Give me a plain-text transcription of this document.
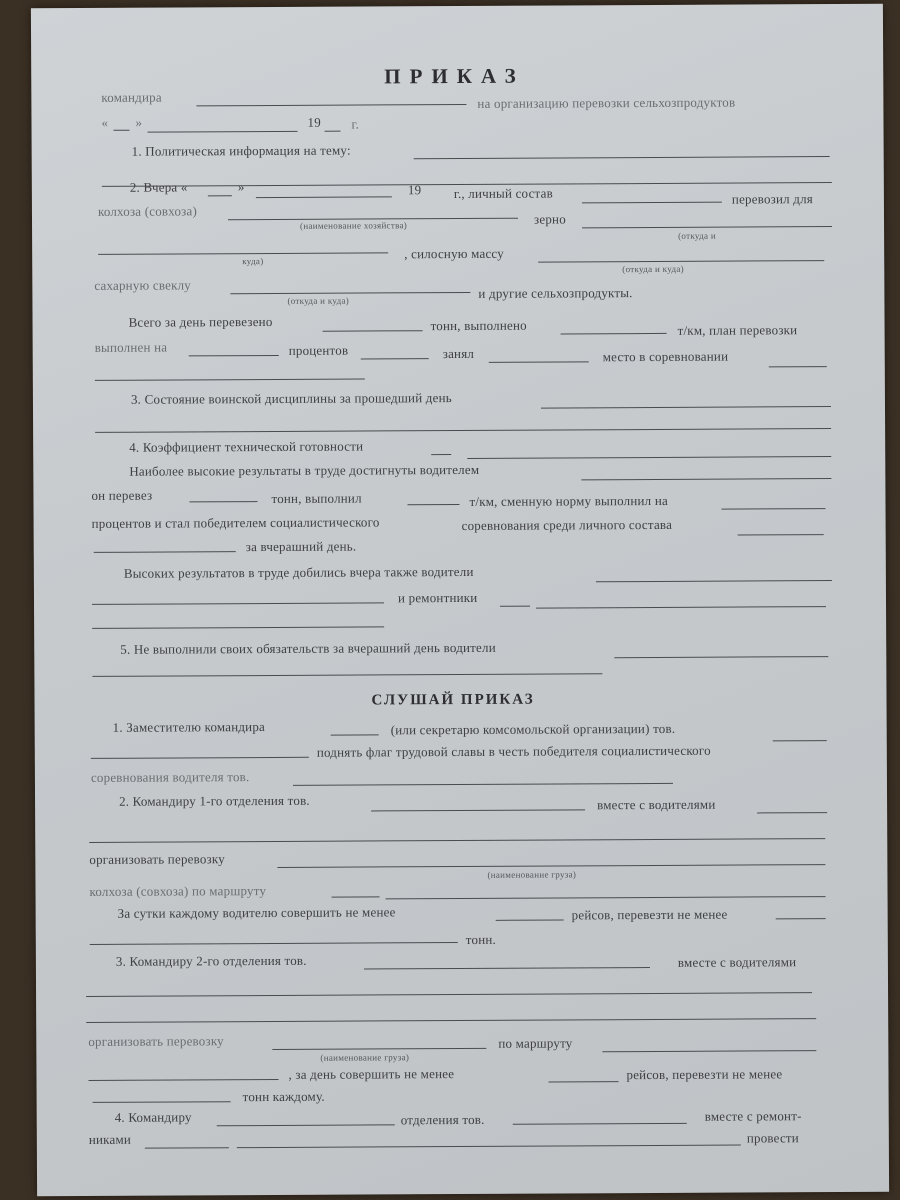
ПРИКАЗ
командира	на организацию перевозки сельхозпродуктов
« »	19 г.
1. Политическая информация на тему:
2. Вчера «	»	19	г., личный состав	перевозил для
колхоза (совхоза)
(наименование хозяйства)	зерно
(откуда и
куда)	, силосную массу
(откуда и куда)
сахарную свеклу
(откуда и куда)	и другие сельхозпродукты.
Всего за день перевезено	тонн, выполнено	т/км, план перевозки
выполнен на	процентов	занял	место в соревновании
3. Состояние воинской дисциплины за прошедший день
4. Коэффициент технической готовности
Наиболее высокие результаты в труде достигнуты водителем
он перевез	тонн, выполнил	т/км, сменную норму выполнил на
процентов и стал победителем социалистического	соревнования среди личного состава
за вчерашний день.
Высоких результатов в труде добились вчера также водители
и ремонтники
5. Не выполнили своих обязательств за вчерашний день водители
СЛУШАЙ ПРИКАЗ
1. Заместителю командира	(или секретарю комсомольской организации) тов.
поднять флаг трудовой славы в честь победителя социалистического
соревнования водителя тов.
2. Командиру 1-го отделения тов.	вместе с водителями
организовать перевозку
(наименование груза)
колхоза (совхоза) по маршруту
За сутки каждому водителю совершить не менее	рейсов, перевезти не менее
тонн.
3. Командиру 2-го отделения тов.	вместе с водителями
организовать перевозку
(наименование груза)
по маршруту
, за день совершить не менее	рейсов, перевезти не менее
тонн каждому.
4. Командиру	отделения тов.	вместе с ремонт-
никами	провести
